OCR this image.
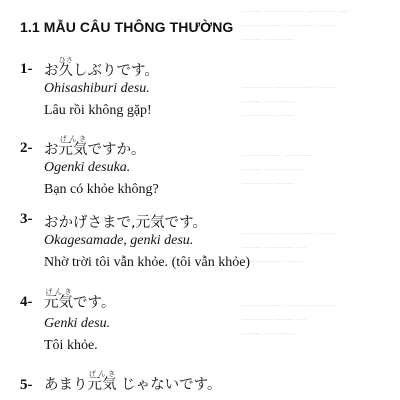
ᅳᅳ ᅳᅳᅳᅳ ᅳᅳᅳ ᅳ
ᅳᅳᅳᅳ ᅳᅳᅳ ᅳᅳ
ᅳᅳ ᅳᅳᅳ
ᅳᅳᅳ ᅳᅳᅳᅳ ᅳᅳ
ᅳᅳ ᅳᅳᅳ
ᅳᅳᅳ ᅳᅳ
ᅳᅳᅳᅳ ᅳᅳᅳ
ᅳᅳ ᅳᅳᅳᅳ
ᅳᅳᅳ ᅳᅳ
ᅳᅳᅳ ᅳᅳᅳᅳ ᅳᅳ
ᅳᅳ ᅳᅳᅳ ᅳ
ᅳᅳᅳᅳ ᅳᅳ
ᅳᅳᅳᅳ ᅳᅳ ᅳᅳᅳ
ᅳᅳᅳ ᅳᅳ ᅳ
ᅳᅳ ᅳᅳᅳ
1.1 MẪU CÂU THÔNG THƯỜNG
1- お久ひさしぶりです。
Ohisashiburi desu.
Lâu rồi không gặp!
2- お元気げんきですか。
Ogenki desuka.
Bạn có khỏe không?
3- おかげさまで,元気です。
Okagesamade, genki desu.
Nhờ trời tôi vẫn khỏe. (tôi vẫn khỏe)
4- 元気げんきです。
Genki desu.
Tôi khỏe.
5- あまり元気げんき じゃないです。
